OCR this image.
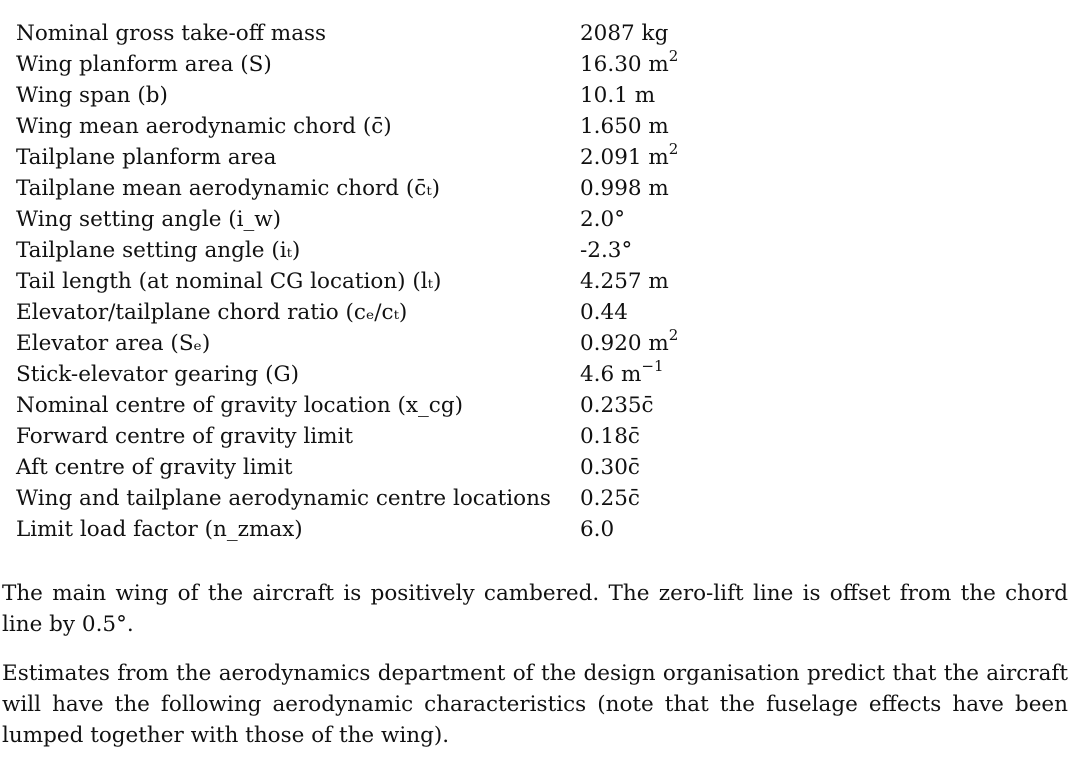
Nominal gross take-off mass	2087 kg
Wing planform area (S)	16.30 $m^2$
Wing span (b)	10.1 m
Wing mean aerodynamic chord (c̄)	1.650 m
Tailplane planform area	2.091 $m^2$
Tailplane mean aerodynamic chord (c̄ₜ)	0.998 m
Wing setting angle (i_w)	2.0°
Tailplane setting angle (iₜ)	-2.3°
Tail length (at nominal CG location) (lₜ)	4.257 m
Elevator/tailplane chord ratio (cₑ/cₜ)	0.44
Elevator area (Sₑ)	0.920 $m^2$
Stick-elevator gearing (G)	4.6 $m^{-1}$
Nominal centre of gravity location (x_cg)	0.235c̄
Forward centre of gravity limit	0.18c̄
Aft centre of gravity limit	0.30c̄
Wing and tailplane aerodynamic centre locations	0.25c̄
Limit load factor (n_zmax)	6.0

The main wing of the aircraft is positively cambered. The zero-lift line is offset from the chord line by 0.5°.

Estimates from the aerodynamics department of the design organisation predict that the aircraft will have the following aerodynamic characteristics (note that the fuselage effects have been lumped together with those of the wing).
